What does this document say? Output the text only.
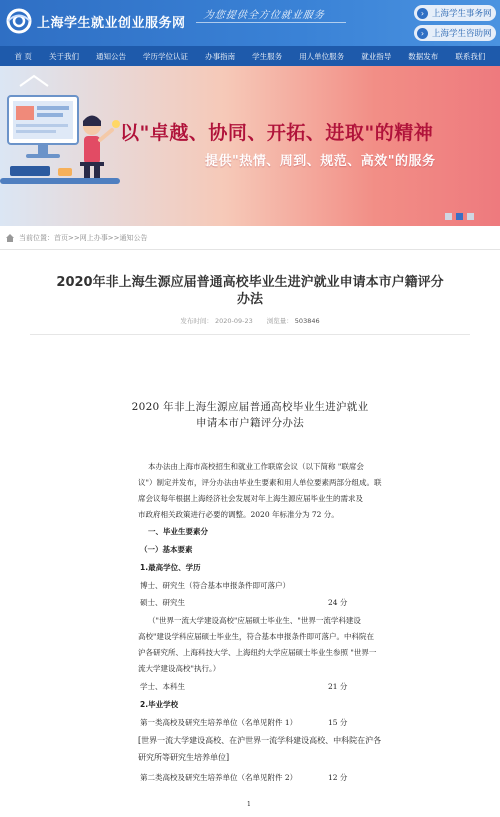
上海学生就业创业服务网 为您提供全方位就业服务	› 上海学生事务网
› 上海学生咨助网
首 页 关于我们 通知公告 学历学位认证 办事指南 学生服务 用人单位服务 就业指导 数据发布 联系我们
以"卓越、协同、开拓、进取"的精神
提供"热情、周到、规范、高效"的服务
当前位置： 首页 >> 网上办事 >> 通知公告
2020年非上海生源应届普通高校毕业生进沪就业申请本市户籍评分办法
发布时间： 2020-09-23 浏览量： 503846
2020 年非上海生源应届普通高校毕业生进沪就业
申请本市户籍评分办法
本办法由上海市高校招生和就业工作联席会议（以下简称 "联席会
议"）制定并发布，评分办法由毕业生要素和用人单位要素两部分组成。联
席会议每年根据上海经济社会发展对年上海生源应届毕业生的需求及
市政府相关政策进行必要的调整。2020 年标准分为 72 分。
一、毕业生要素分
（一）基本要素
1.最高学位、学历
博士、研究生（符合基本申报条件即可落户）
硕士、研究生	24 分
（"世界一流大学建设高校"应届硕士毕业生、"世界一流学科建设
高校"建设学科应届硕士毕业生，符合基本申报条件即可落户。中科院在
沪各研究所、上海科技大学、上海纽约大学应届硕士毕业生参照 "世界一
流大学建设高校"执行。）
学士、本科生	21 分
2.毕业学校
第一类高校及研究生培养单位（名单见附件 1）	15 分
[世界一流大学建设高校、在沪世界一流学科建设高校、中科院在沪各
研究所等研究生培养单位]
第二类高校及研究生培养单位（名单见附件 2）	12 分
1
